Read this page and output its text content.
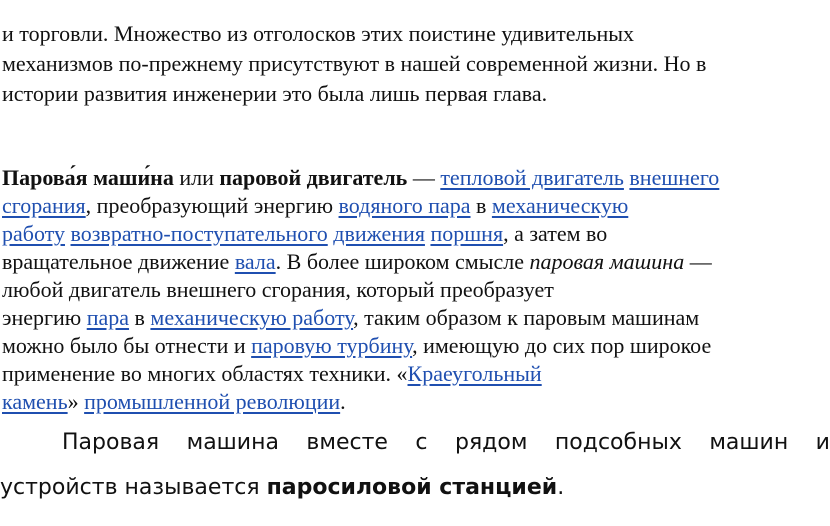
и торговли. Множество из отголосков этих поистине удивительных
механизмов по-прежнему присутствуют в нашей современной жизни. Но в
истории развития инженерии это была лишь первая глава.
Парова́я маши́на или паровой двигатель — тепловой двигатель внешнего
сгорания, преобразующий энергию водяного пара в механическую
работу возвратно-поступательного движения поршня, а затем во
вращательное движение вала. В более широком смысле паровая машина —
любой двигатель внешнего сгорания, который преобразует
энергию пара в механическую работу, таким образом к паровым машинам
можно было бы отнести и паровую турбину, имеющую до сих пор широкое
применение во многих областях техники. «Краеугольный
камень» промышленной революции.
Паровая машина вместе с рядом подсобных машин и
устройств называется паросиловой станцией.
